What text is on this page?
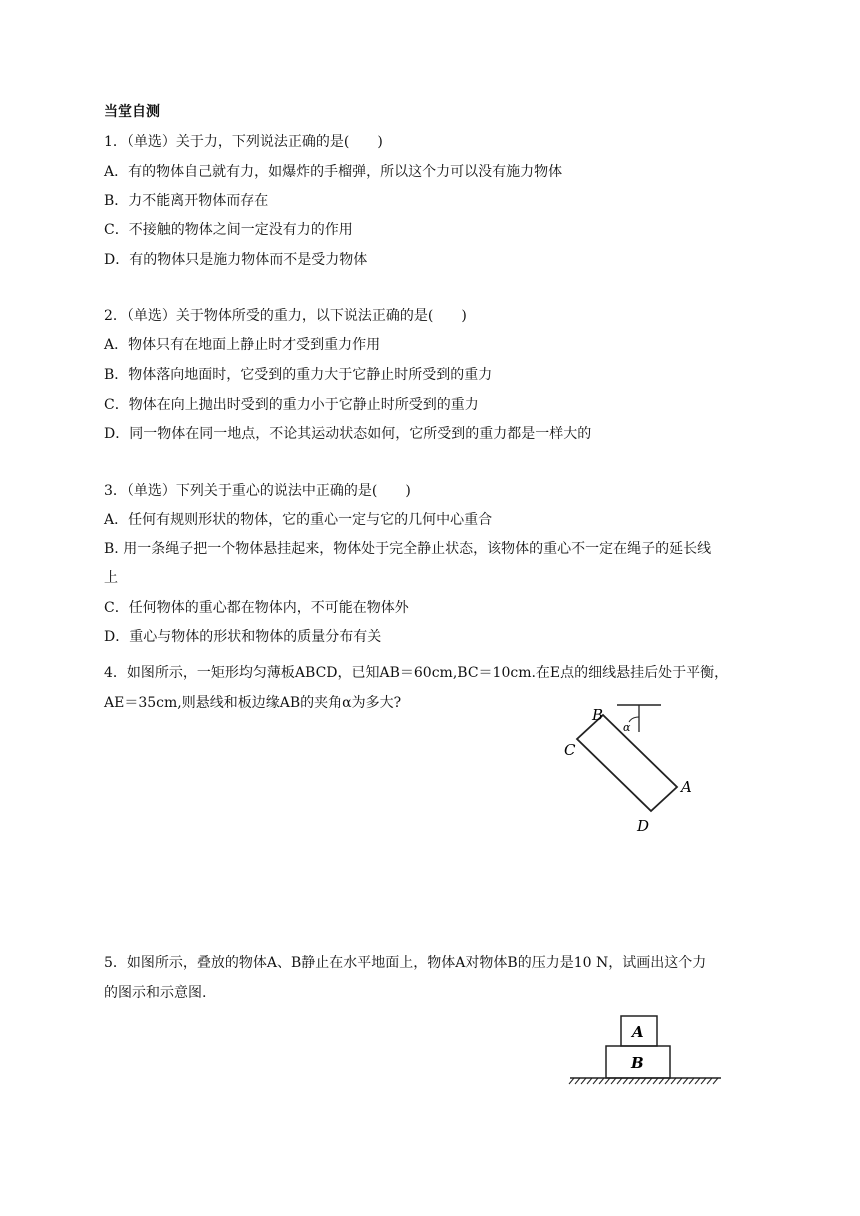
当堂自测
1．（单选）关于力，下列说法正确的是(　　)
A．有的物体自己就有力，如爆炸的手榴弹，所以这个力可以没有施力物体
B．力不能离开物体而存在
C．不接触的物体之间一定没有力的作用
D．有的物体只是施力物体而不是受力物体
2．（单选）关于物体所受的重力，以下说法正确的是(　　)
A．物体只有在地面上静止时才受到重力作用
B．物体落向地面时，它受到的重力大于它静止时所受到的重力
C．物体在向上抛出时受到的重力小于它静止时所受到的重力
D．同一物体在同一地点，不论其运动状态如何，它所受到的重力都是一样大的
3．（单选）下列关于重心的说法中正确的是(　　)
A．任何有规则形状的物体，它的重心一定与它的几何中心重合
B. 用一条绳子把一个物体悬挂起来，物体处于完全静止状态，该物体的重心不一定在绳子的延长线
上
C．任何物体的重心都在物体内，不可能在物体外
D．重心与物体的形状和物体的质量分布有关
4．如图所示，一矩形均匀薄板ABCD，已知AB＝60cm,BC＝10cm.在E点的细线悬挂后处于平衡，
AE＝35cm,则悬线和板边缘AB的夹角α为多大?
α
B
C
A
D
5．如图所示，叠放的物体A、B静止在水平地面上，物体A对物体B的压力是10 N，试画出这个力
的图示和示意图.
A
B
